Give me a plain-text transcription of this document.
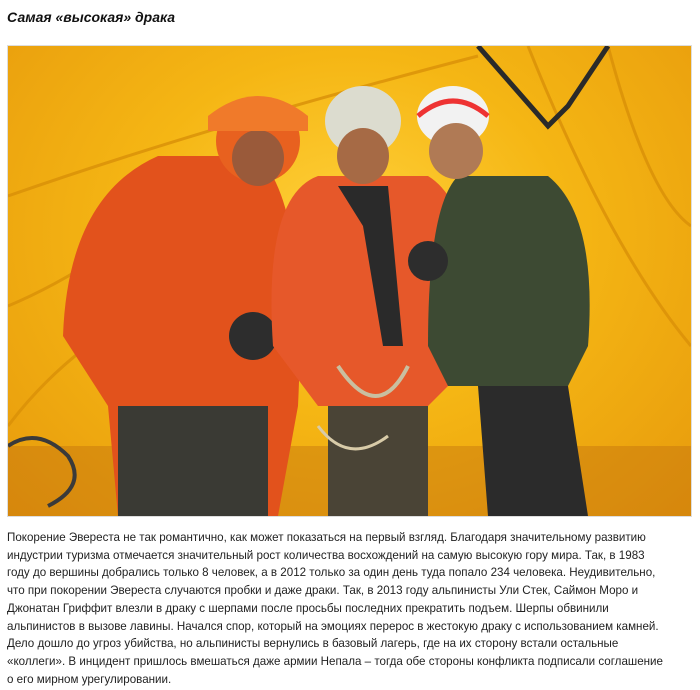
Самая «высокая» драка
Покорение Эвереста не так романтично, как может показаться на первый взгляд. Благодаря значительному развитию
индустрии туризма отмечается значительный рост количества восхождений на самую высокую гору мира. Так, в 1983
году до вершины добрались только 8 человек, а в 2012 только за один день туда попало 234 человека. Неудивительно,
что при покорении Эвереста случаются пробки и даже драки. Так, в 2013 году альпинисты Ули Стек, Саймон Моро и
Джонатан Гриффит влезли в драку с шерпами после просьбы последних прекратить подъем. Шерпы обвинили
альпинистов в вызове лавины. Начался спор, который на эмоциях перерос в жестокую драку с использованием камней.
Дело дошло до угроз убийства, но альпинисты вернулись в базовый лагерь, где на их сторону встали остальные
«коллеги». В инцидент пришлось вмешаться даже армии Непала – тогда обе стороны конфликта подписали соглашение
о его мирном урегулировании.
